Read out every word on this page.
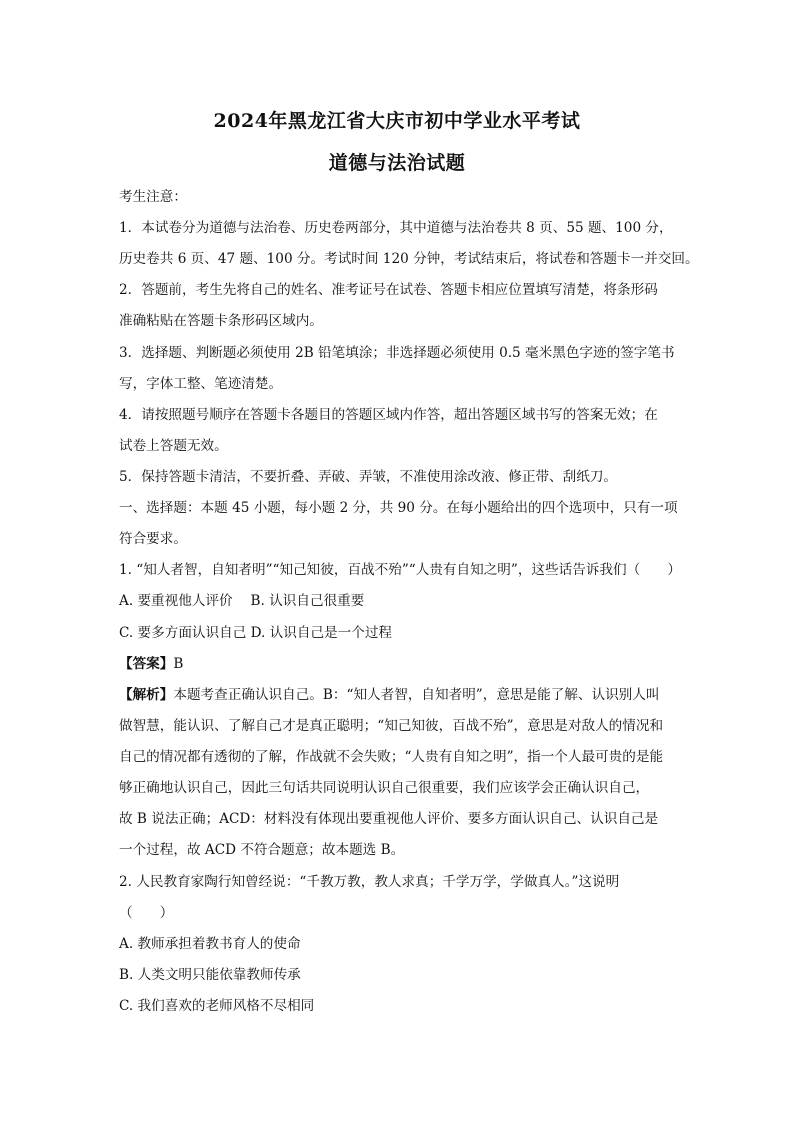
2024年黑龙江省大庆市初中学业水平考试
道德与法治试题
考生注意：
1．本试卷分为道德与法治卷、历史卷两部分，其中道德与法治卷共 8 页、55 题、100 分，
历史卷共 6 页、47 题、100 分。考试时间 120 分钟，考试结束后，将试卷和答题卡一并交回。
2．答题前，考生先将自己的姓名、准考证号在试卷、答题卡相应位置填写清楚，将条形码
准确粘贴在答题卡条形码区域内。
3．选择题、判断题必须使用 2B 铅笔填涂；非选择题必须使用 0.5 毫米黑色字迹的签字笔书
写，字体工整、笔迹清楚。
4．请按照题号顺序在答题卡各题目的答题区域内作答，超出答题区域书写的答案无效；在
试卷上答题无效。
5．保持答题卡清洁，不要折叠、弄破、弄皱，不准使用涂改液、修正带、刮纸刀。
一、选择题：本题 45 小题，每小题 2 分，共 90 分。在每小题给出的四个选项中，只有一项
符合要求。
1. “知人者智，自知者明”“知己知彼，百战不殆”“人贵有自知之明”，这些话告诉我们（　　）
A. 要重视他人评价　 B. 认识自己很重要
C. 要多方面认识自己 D. 认识自己是一个过程
【答案】B
【解析】本题考查正确认识自己。B：“知人者智，自知者明”，意思是能了解、认识别人叫
做智慧，能认识、了解自己才是真正聪明；“知己知彼，百战不殆”，意思是对敌人的情况和
自己的情况都有透彻的了解，作战就不会失败；“人贵有自知之明”，指一个人最可贵的是能
够正确地认识自己，因此三句话共同说明认识自己很重要，我们应该学会正确认识自己，
故 B 说法正确；ACD：材料没有体现出要重视他人评价、要多方面认识自己、认识自己是
一个过程，故 ACD 不符合题意；故本题选 B。
2. 人民教育家陶行知曾经说：“千教万教，教人求真；千学万学，学做真人。”这说明
（　　）
A. 教师承担着教书育人的使命
B. 人类文明只能依靠教师传承
C. 我们喜欢的老师风格不尽相同
